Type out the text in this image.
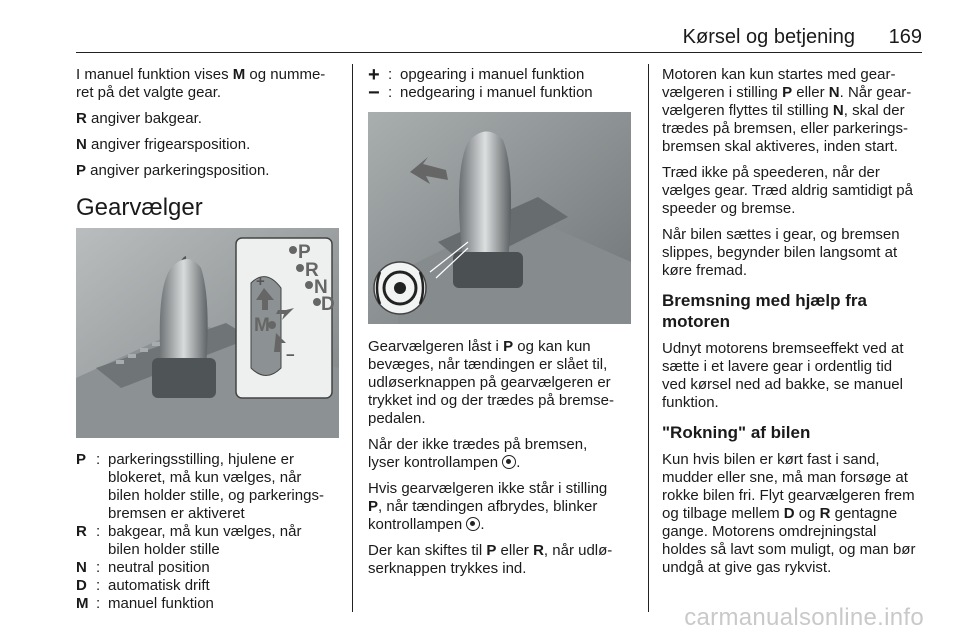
Kørsel og betjening 169

I manuel funktion vises M og numme-
ret på det valgte gear.

R angiver bakgear.

N angiver frigearsposition.

P angiver parkeringsposition.

Gearvælger
P
R
N
D
M
+
−
P : parkeringsstilling, hjulene er
blokeret, må kun vælges, når
bilen holder stille, og parkerings-
bremsen er aktiveret
R : bakgear, må kun vælges, når
bilen holder stille
N : neutral position
D : automatisk drift
M : manuel funktion
+ : opgearing i manuel funktion
− : nedgearing i manuel funktion

Gearvælgeren låst i P og kan kun
bevæges, når tændingen er slået til,
udløserknappen på gearvælgeren er
trykket ind og der trædes på bremse-
pedalen.

Når der ikke trædes på bremsen,
lyser kontrollampen .

Hvis gearvælgeren ikke står i stilling
P, når tændingen afbrydes, blinker
kontrollampen .

Der kan skiftes til P eller R, når udlø-
serknappen trykkes ind.

Motoren kan kun startes med gear-
vælgeren i stilling P eller N. Når gear-
vælgeren flyttes til stilling N, skal der
trædes på bremsen, eller parkerings-
bremsen skal aktiveres, inden start.

Træd ikke på speederen, når der
vælges gear. Træd aldrig samtidigt på
speeder og bremse.

Når bilen sættes i gear, og bremsen
slippes, begynder bilen langsomt at
køre fremad.

Bremsning med hjælp fra
motoren

Udnyt motorens bremseeffekt ved at
sætte i et lavere gear i ordentlig tid
ved kørsel ned ad bakke, se manuel
funktion.

"Rokning" af bilen

Kun hvis bilen er kørt fast i sand,
mudder eller sne, må man forsøge at
rokke bilen fri. Flyt gearvælgeren frem
og tilbage mellem D og R gentagne
gange. Motorens omdrejningstal
holdes så lavt som muligt, og man bør
undgå at give gas rykvist.

carmanualsonline.info
